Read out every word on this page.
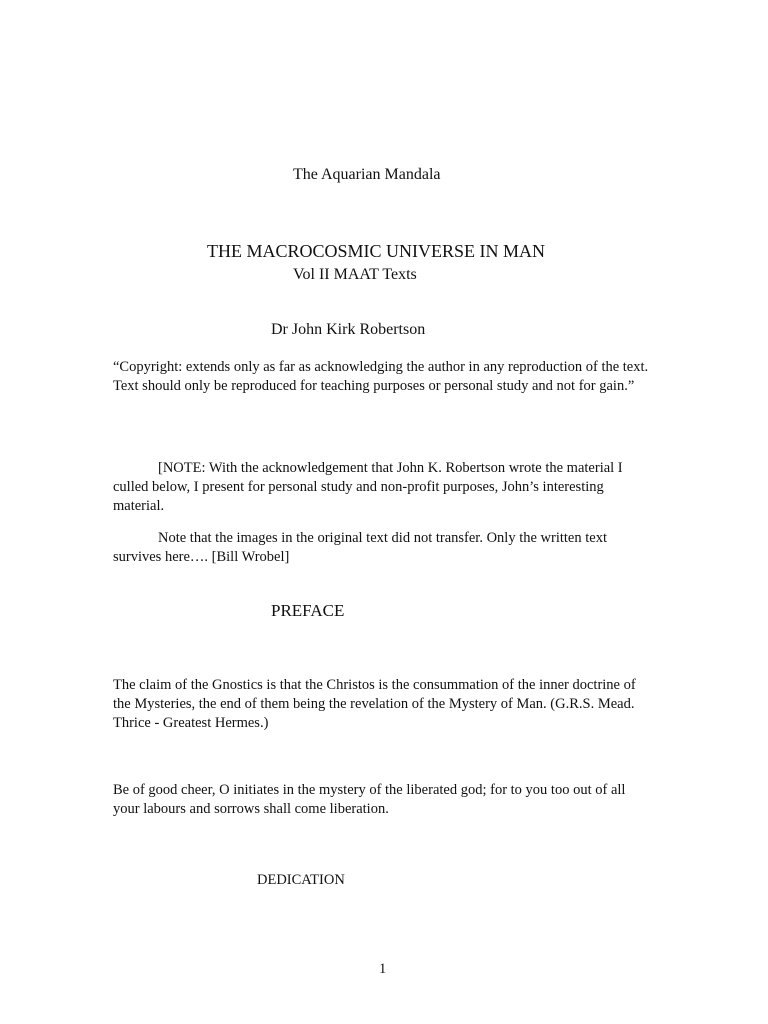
The Aquarian Mandala
THE MACROCOSMIC UNIVERSE IN MAN
Vol II MAAT Texts
Dr John Kirk Robertson
“Copyright: extends only as far as acknowledging the author in any reproduction of the text. Text should only be reproduced for teaching purposes or personal study and not for gain.”
[NOTE: With the acknowledgement that John K. Robertson wrote the material I culled below, I present for personal study and non-profit purposes, John’s interesting material.
Note that the images in the original text did not transfer. Only the written text survives here…. [Bill Wrobel]
PREFACE
The claim of the Gnostics is that the Christos is the consummation of the inner doctrine of the Mysteries, the end of them being the revelation of the Mystery of Man. (G.R.S. Mead. Thrice - Greatest Hermes.)
Be of good cheer, O initiates in the mystery of the liberated god; for to you too out of all your labours and sorrows shall come liberation.
DEDICATION
1
